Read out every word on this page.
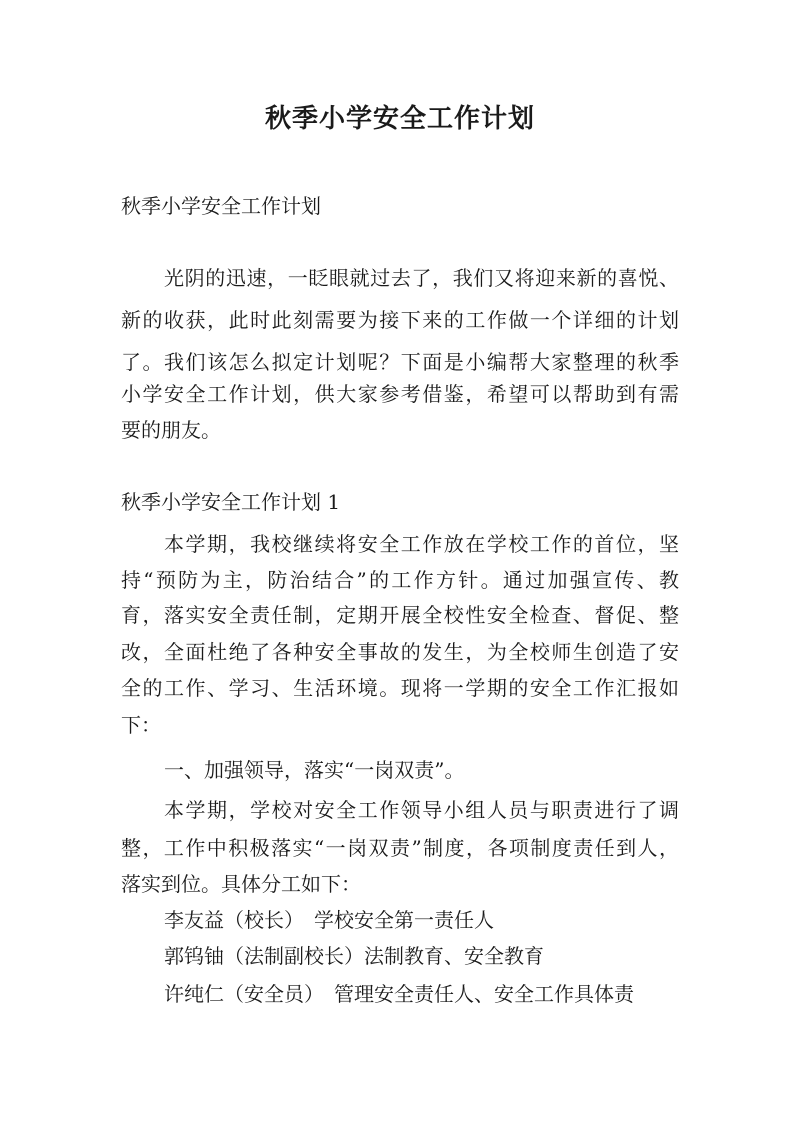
秋季小学安全工作计划

秋季小学安全工作计划

光阴的迅速，一眨眼就过去了，我们又将迎来新的喜悦、

新的收获，此时此刻需要为接下来的工作做一个详细的计划

了。我们该怎么拟定计划呢？下面是小编帮大家整理的秋季

小学安全工作计划，供大家参考借鉴，希望可以帮助到有需

要的朋友。

秋季小学安全工作计划 1

本学期，我校继续将安全工作放在学校工作的首位，坚

持“预防为主，防治结合”的工作方针。通过加强宣传、教

育，落实安全责任制，定期开展全校性安全检查、督促、整

改，全面杜绝了各种安全事故的发生，为全校师生创造了安

全的工作、学习、生活环境。现将一学期的安全工作汇报如

下：

一、加强领导，落实“一岗双责”。

本学期，学校对安全工作领导小组人员与职责进行了调

整，工作中积极落实“一岗双责”制度，各项制度责任到人，

落实到位。具体分工如下：

李友益（校长）　学校安全第一责任人

郭钨铀（法制副校长）法制教育、安全教育

许纯仁（安全员）　管理安全责任人、安全工作具体责
